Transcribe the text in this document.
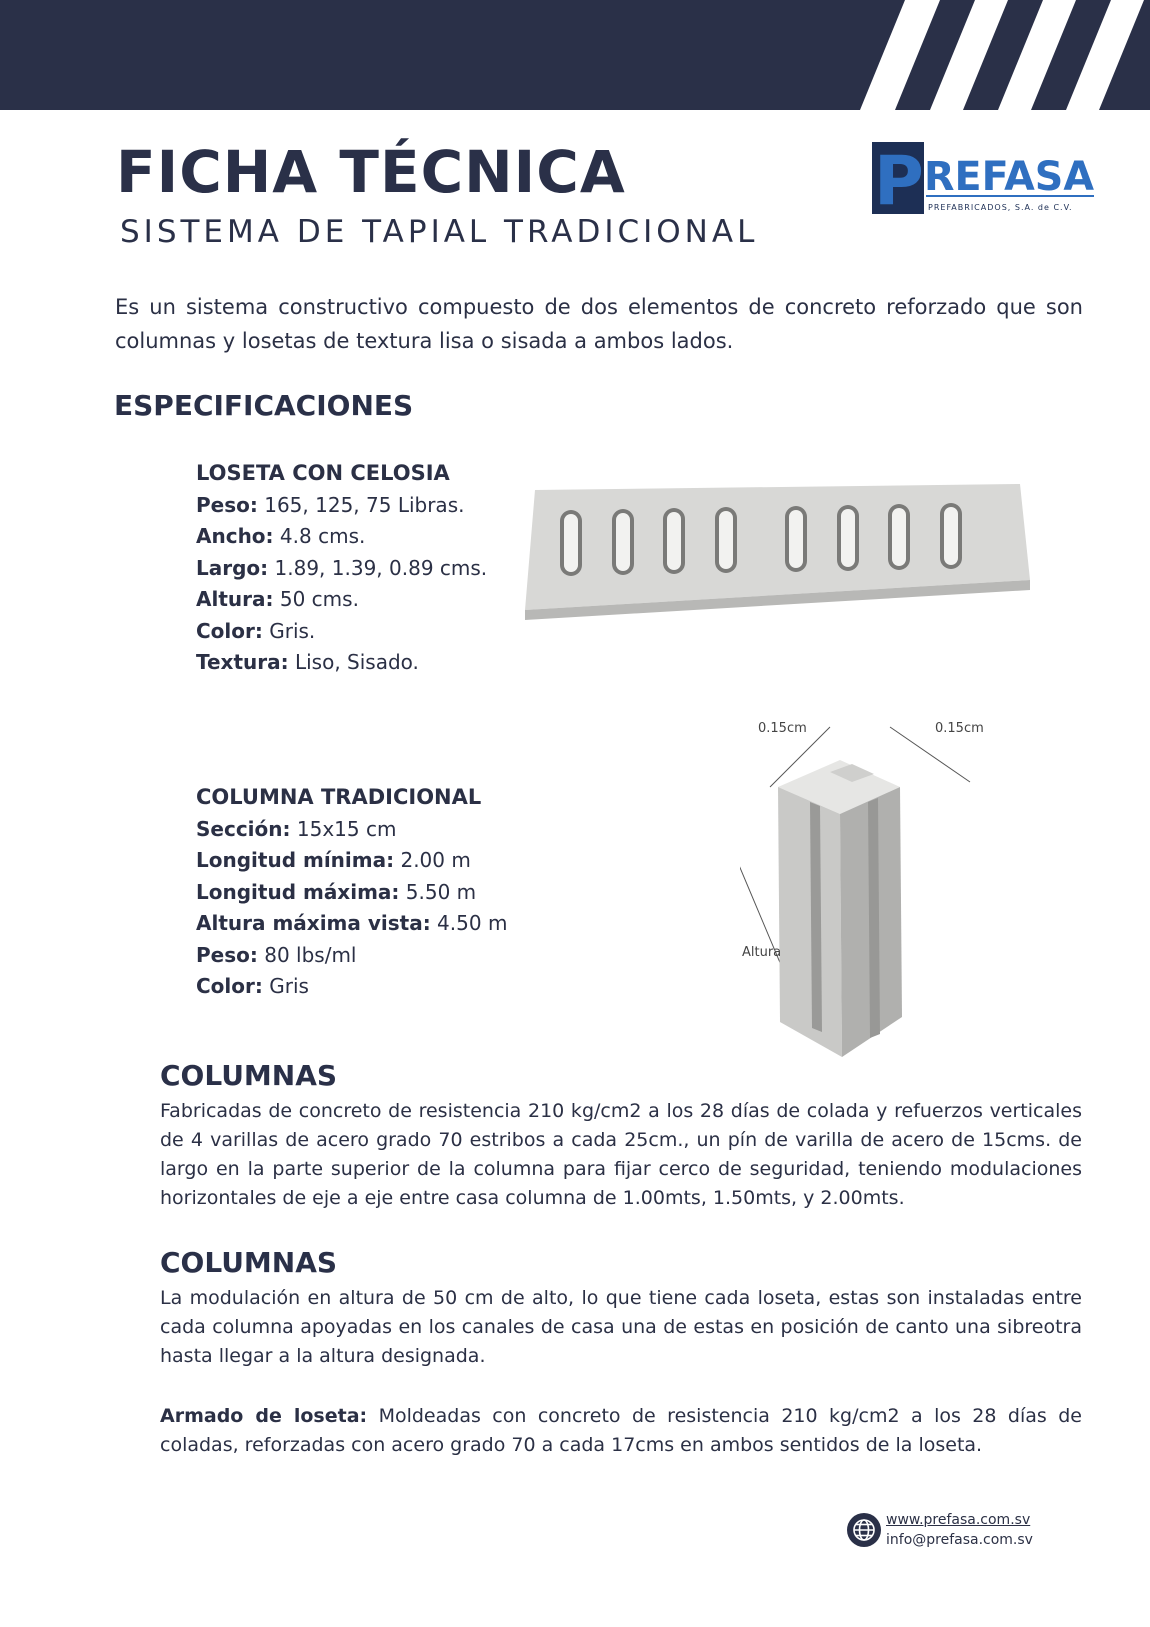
FICHA TÉCNICA
SISTEMA DE TAPIAL TRADICIONAL
P REFASA
PREFABRICADOS, S.A. de C.V.
Es un sistema constructivo compuesto de dos elementos de concreto reforzado que son columnas y losetas de textura lisa o sisada a ambos lados.
ESPECIFICACIONES
LOSETA CON CELOSIA
Peso: 165, 125, 75 Libras.
Ancho: 4.8 cms.
Largo: 1.89, 1.39, 0.89 cms.
Altura: 50 cms.
Color: Gris.
Textura: Liso, Sisado.
COLUMNA TRADICIONAL
Sección: 15x15 cm
Longitud mínima: 2.00 m
Longitud máxima: 5.50 m
Altura máxima vista: 4.50 m
Peso: 80 lbs/ml
Color: Gris
0.15cm	0.15cm
Altura
COLUMNAS
Fabricadas de concreto de resistencia 210 kg/cm2 a los 28 días de colada y refuerzos verticales de 4 varillas de acero grado 70 estribos a cada 25cm., un pín de varilla de acero de 15cms. de largo en la parte superior de la columna para fijar cerco de seguridad, teniendo modulaciones horizontales de eje a eje entre casa columna de 1.00mts, 1.50mts, y 2.00mts.
COLUMNAS
La modulación en altura de 50 cm de alto, lo que tiene cada loseta, estas son instaladas entre cada columna apoyadas en los canales de casa una de estas en posición de canto una sibreotra hasta llegar a la altura designada.
Armado de loseta: Moldeadas con concreto de resistencia 210 kg/cm2 a los 28 días de coladas, reforzadas con acero grado 70 a cada 17cms en ambos sentidos de la loseta.
www.prefasa.com.sv
info@prefasa.com.sv
